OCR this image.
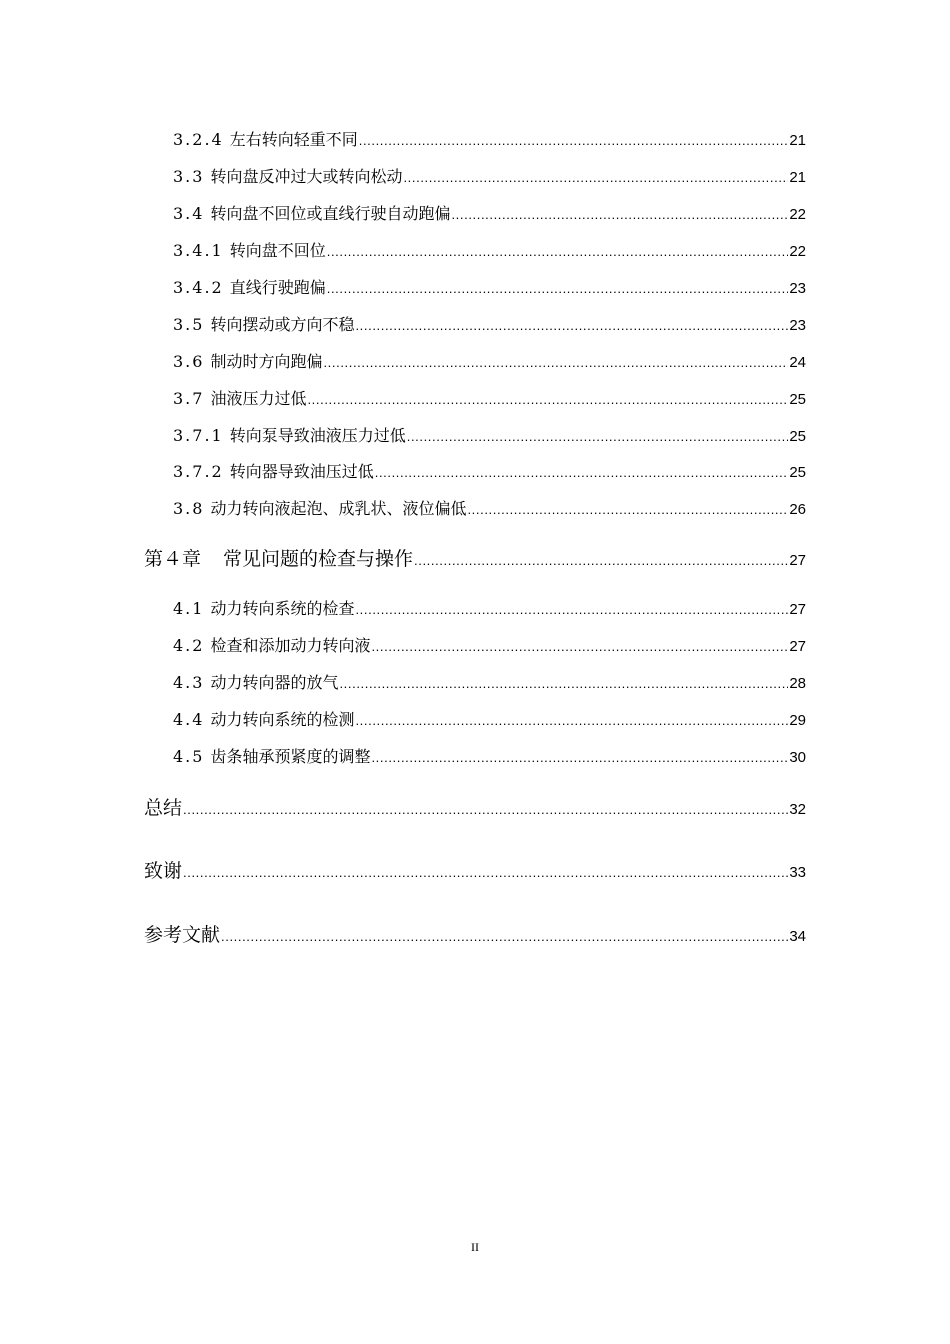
3.2.4 左右转向轻重不同 .....	21
3.3 转向盘反冲过大或转向松动 .....	21
3.4 转向盘不回位或直线行驶自动跑偏 .....	22
3.4.1 转向盘不回位 .....	22
3.4.2 直线行驶跑偏 .....	23
3.5 转向摆动或方向不稳 .....	23
3.6 制动时方向跑偏 .....	24
3.7 油液压力过低 .....	25
3.7.1 转向泵导致油液压力过低 .....	25
3.7.2 转向器导致油压过低 .....	25
3.8 动力转向液起泡、成乳状、液位偏低 .....	26
第４章 常见问题的检查与操作 .....	27
4.1 动力转向系统的检查 .....	27
4.2 检查和添加动力转向液 .....	27
4.3 动力转向器的放气 .....	28
4.4 动力转向系统的检测 .....	29
4.5 齿条轴承预紧度的调整 .....	30
总结 .....	32
致谢 .....	33
参考文献 .....	34
II
